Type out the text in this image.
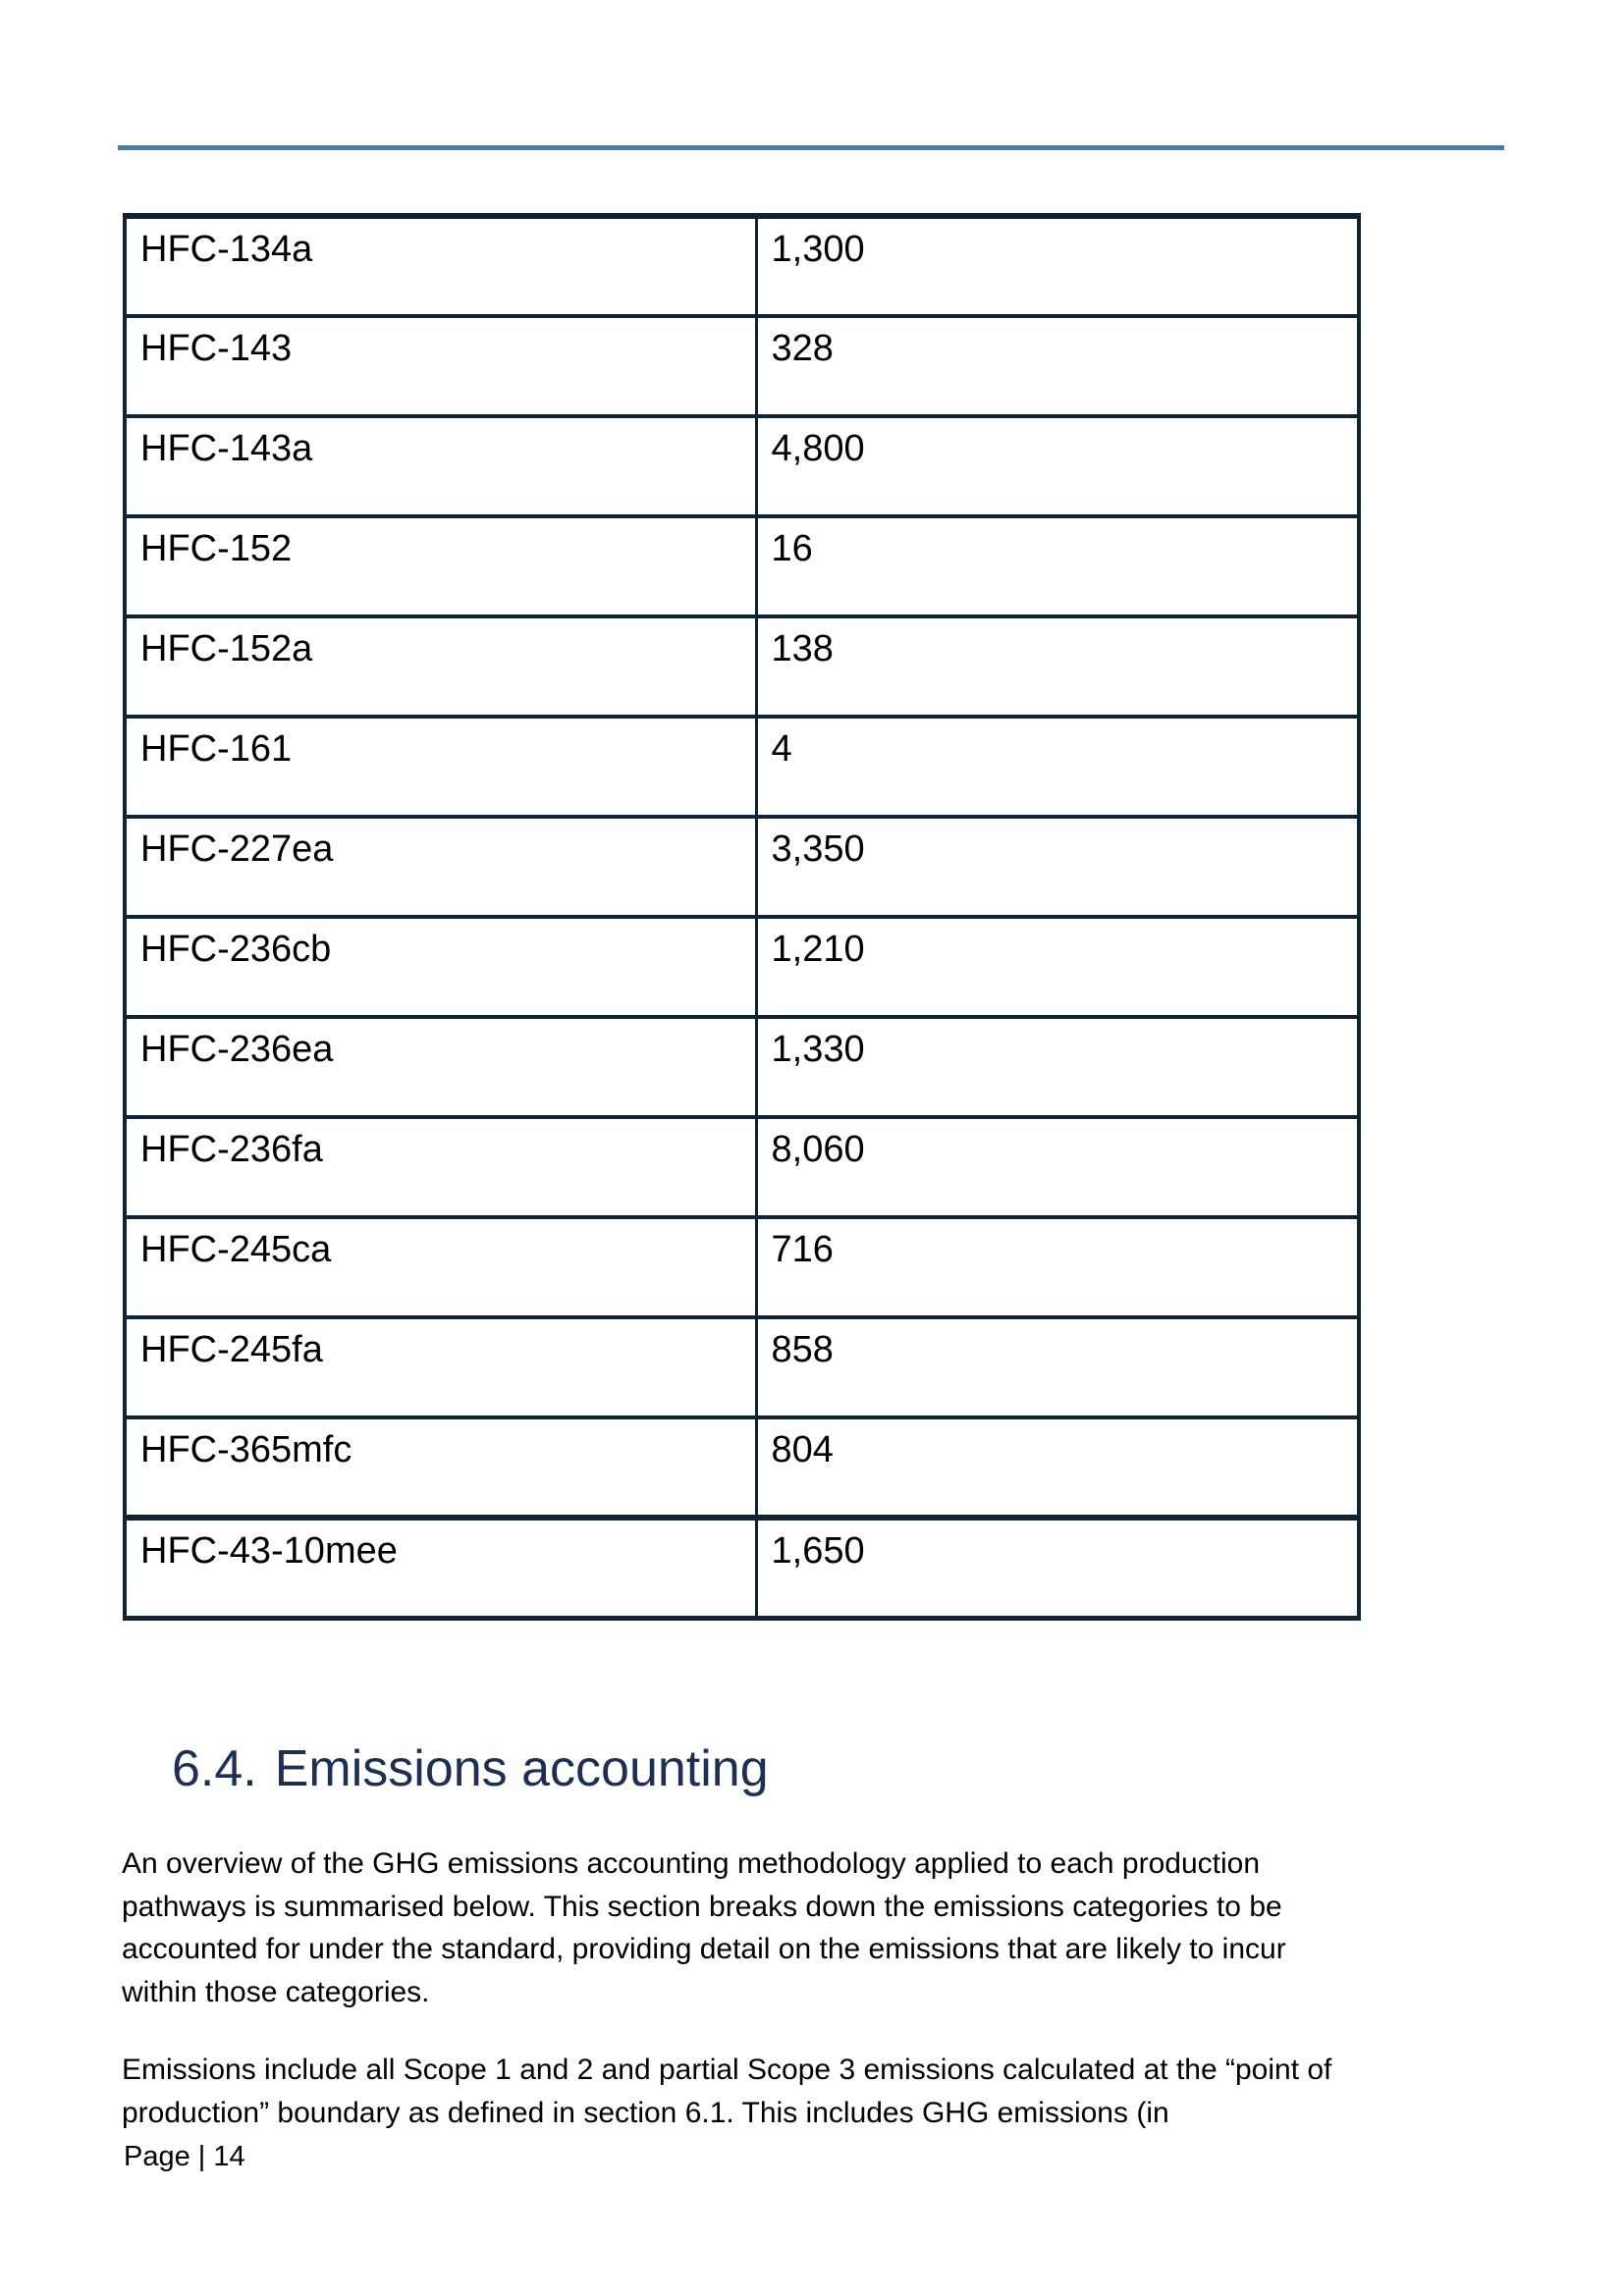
HFC-134a	1,300
HFC-143	328
HFC-143a	4,800
HFC-152	16
HFC-152a	138
HFC-161	4
HFC-227ea	3,350
HFC-236cb	1,210
HFC-236ea	1,330
HFC-236fa	8,060
HFC-245ca	716
HFC-245fa	858
HFC-365mfc	804
HFC-43-10mee	1,650
6.4. Emissions accounting
An overview of the GHG emissions accounting methodology applied to each production
pathways is summarised below. This section breaks down the emissions categories to be
accounted for under the standard, providing detail on the emissions that are likely to incur
within those categories.
Emissions include all Scope 1 and 2 and partial Scope 3 emissions calculated at the “point of
production” boundary as defined in section 6.1. This includes GHG emissions (in
Page | 14
